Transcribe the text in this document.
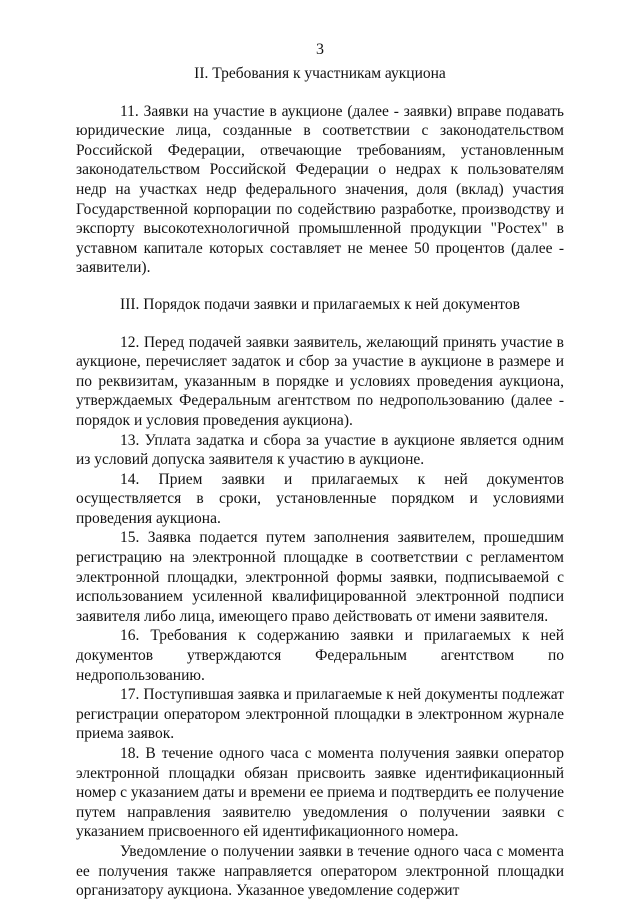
3
II. Требования к участникам аукциона

11. Заявки на участие в аукционе (далее - заявки) вправе подавать юридические лица, созданные в соответствии с законодательством Российской Федерации, отвечающие требованиям, установленным законодательством Российской Федерации о недрах к пользователям недр на участках недр федерального значения, доля (вклад) участия Государственной корпорации по содействию разработке, производству и экспорту высокотехнологичной промышленной продукции "Ростех" в уставном капитале которых составляет не менее 50 процентов (далее - заявители).

III. Порядок подачи заявки и прилагаемых к ней документов

12. Перед подачей заявки заявитель, желающий принять участие в аукционе, перечисляет задаток и сбор за участие в аукционе в размере и по реквизитам, указанным в порядке и условиях проведения аукциона, утверждаемых Федеральным агентством по недропользованию (далее - порядок и условия проведения аукциона).

13. Уплата задатка и сбора за участие в аукционе является одним из условий допуска заявителя к участию в аукционе.

14. Прием заявки и прилагаемых к ней документов осуществляется в сроки, установленные порядком и условиями проведения аукциона.

15. Заявка подается путем заполнения заявителем, прошедшим регистрацию на электронной площадке в соответствии с регламентом электронной площадки, электронной формы заявки, подписываемой с использованием усиленной квалифицированной электронной подписи заявителя либо лица, имеющего право действовать от имени заявителя.

16. Требования к содержанию заявки и прилагаемых к ней документов утверждаются Федеральным агентством по недропользованию.

17. Поступившая заявка и прилагаемые к ней документы подлежат регистрации оператором электронной площадки в электронном журнале приема заявок.

18. В течение одного часа с момента получения заявки оператор электронной площадки обязан присвоить заявке идентификационный номер с указанием даты и времени ее приема и подтвердить ее получение путем направления заявителю уведомления о получении заявки с указанием присвоенного ей идентификационного номера.

Уведомление о получении заявки в течение одного часа с момента ее получения также направляется оператором электронной площадки организатору аукциона. Указанное уведомление содержит
